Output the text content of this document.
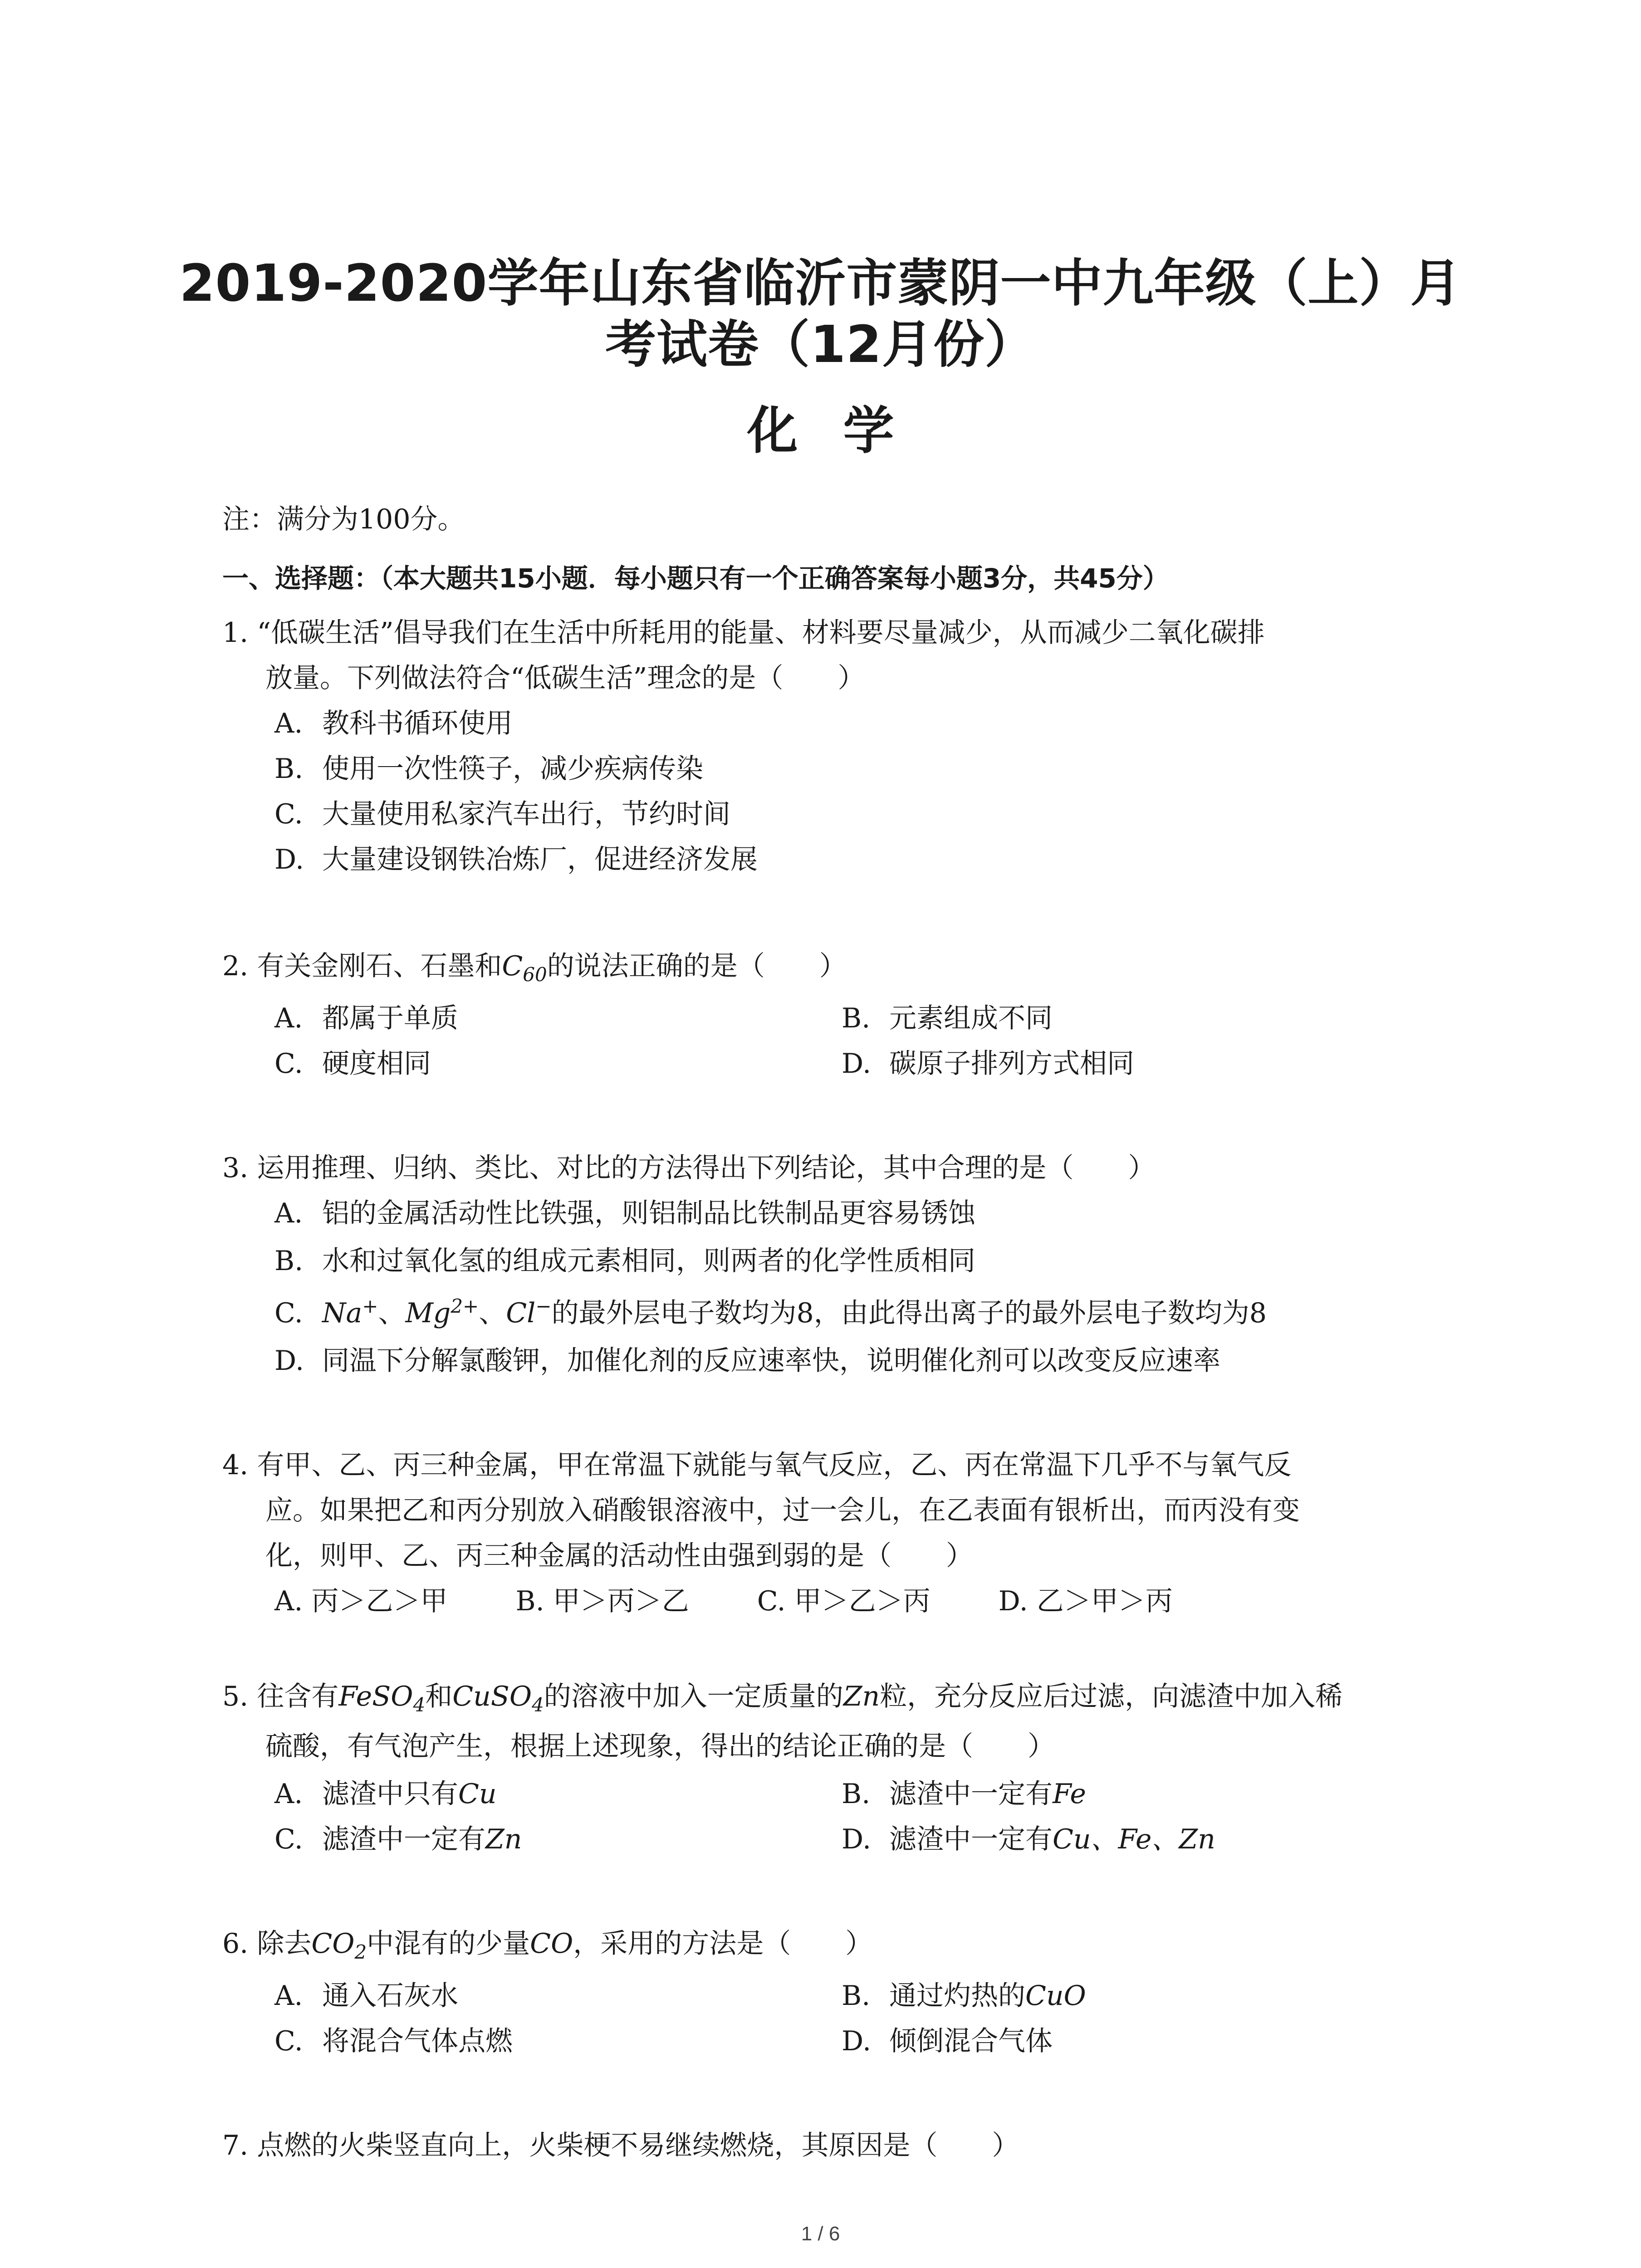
2019-2020学年山东省临沂市蒙阴一中九年级（上）月
考试卷（12月份）
化 学
注：满分为100分。
一、选择题：（本大题共15小题．每小题只有一个正确答案每小题3分，共45分）
1. “低碳生活”倡导我们在生活中所耗用的能量、材料要尽量减少，从而减少二氧化碳排
放量。下列做法符合“低碳生活”理念的是（　　）
A. 教科书循环使用
B. 使用一次性筷子，减少疾病传染
C. 大量使用私家汽车出行，节约时间
D. 大量建设钢铁冶炼厂，促进经济发展
2. 有关金刚石、石墨和$C_{60}$的说法正确的是（　　）
A. 都属于单质	B. 元素组成不同
C. 硬度相同	D. 碳原子排列方式相同
3. 运用推理、归纳、类比、对比的方法得出下列结论，其中合理的是（　　）
A. 铝的金属活动性比铁强，则铝制品比铁制品更容易锈蚀
B. 水和过氧化氢的组成元素相同，则两者的化学性质相同
C. Na+、$Mg^{2+}$、Cl−的最外层电子数均为8，由此得出离子的最外层电子数均为8
D. 同温下分解氯酸钾，加催化剂的反应速率快，说明催化剂可以改变反应速率
4. 有甲、乙、丙三种金属，甲在常温下就能与氧气反应，乙、丙在常温下几乎不与氧气反
应。如果把乙和丙分别放入硝酸银溶液中，过一会儿，在乙表面有银析出，而丙没有变
化，则甲、乙、丙三种金属的活动性由强到弱的是（　　）
A. 丙＞乙＞甲	B. 甲＞丙＞乙	C. 甲＞乙＞丙	D. 乙＞甲＞丙
5. 往含有FeSO$_4$和CuSO$_4$的溶液中加入一定质量的Zn粒，充分反应后过滤，向滤渣中加入稀
硫酸，有气泡产生，根据上述现象，得出的结论正确的是（　　）
A. 滤渣中只有Cu	B. 滤渣中一定有Fe
C. 滤渣中一定有Zn	D. 滤渣中一定有Cu、Fe、Zn
6. 除去$CO_2$中混有的少量CO，采用的方法是（　　）
A. 通入石灰水	B. 通过灼热的CuO
C. 将混合气体点燃	D. 倾倒混合气体
7. 点燃的火柴竖直向上，火柴梗不易继续燃烧，其原因是（　　）
1 / 6
